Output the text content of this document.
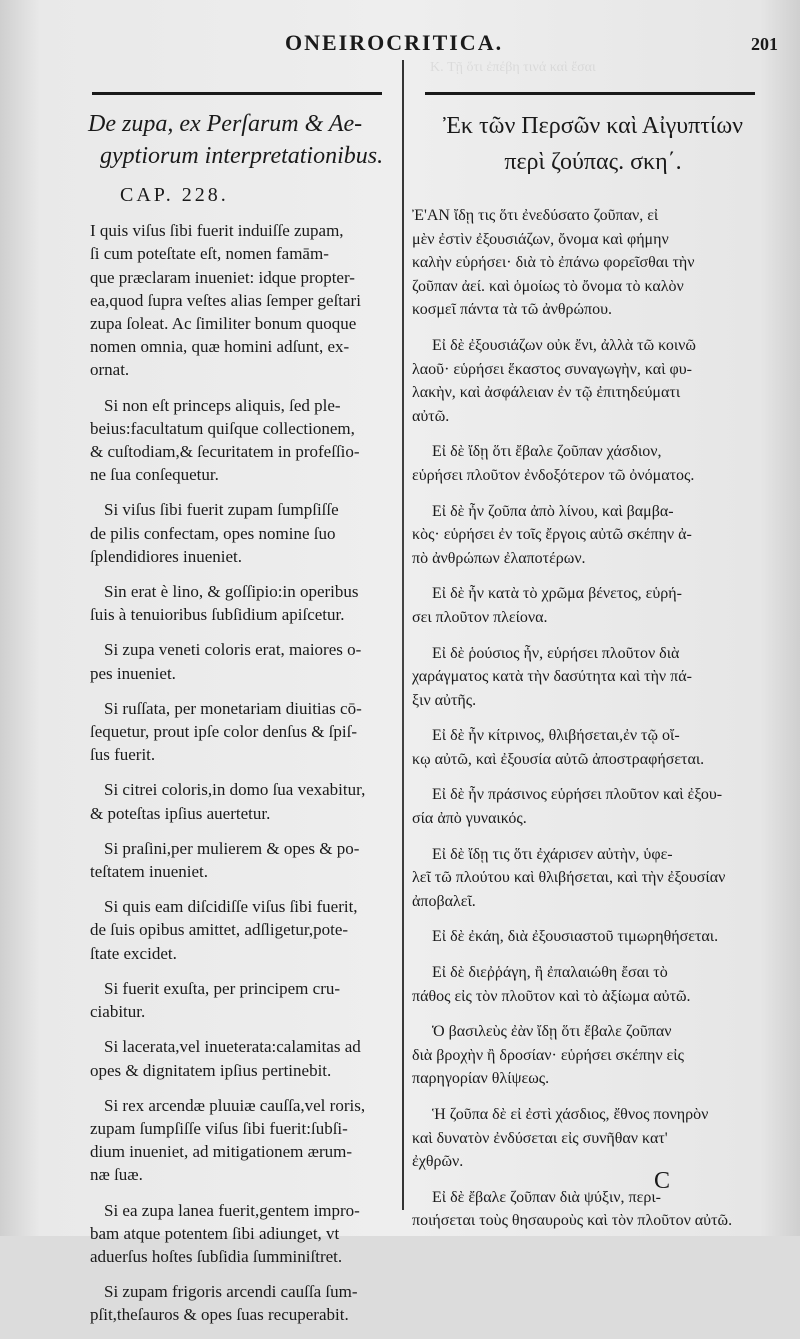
K. Τῇ ὅτι ἐπέβη τινά καὶ ἔσαι
ONEIROCRITICA.	201
De zupa, ex Perſarum & Ae-
gyptiorum interpretationibus.
CAP. 228.
I quis viſus ſibi fuerit induiſſe zupam,
ſi cum poteſtate eſt, nomen famām-
que præclaram inueniet: idque propter-
ea,quod ſupra veſtes alias ſemper geſtari
zupa ſoleat. Ac ſimiliter bonum quoque
nomen omnia, quæ homini adſunt, ex-
ornat.
Si non eſt princeps aliquis, ſed ple-
beius:facultatum quiſque collectionem,
& cuſtodiam,& ſecuritatem in profeſſio-
ne ſua conſequetur.
Si viſus ſibi fuerit zupam ſumpſiſſe
de pilis confectam, opes nomine ſuo
ſplendidiores inueniet.
Sin erat è lino, & goſſipio:in operibus
ſuis à tenuioribus ſubſidium apiſcetur.
Si zupa veneti coloris erat, maiores o-
pes inueniet.
Si ruſſata, per monetariam diuitias cō-
ſequetur, prout ipſe color denſus & ſpiſ-
ſus fuerit.
Si citrei coloris,in domo ſua vexabitur,
& poteſtas ipſius auertetur.
Si praſini,per mulierem & opes & po-
teſtatem inueniet.
Si quis eam diſcidiſſe viſus ſibi fuerit,
de ſuis opibus amittet, adſligetur,pote-
ſtate excidet.
Si fuerit exuſta, per principem cru-
ciabitur.
Si lacerata,vel inueterata:calamitas ad
opes & dignitatem ipſius pertinebit.
Si rex arcendæ pluuiæ cauſſa,vel roris,
zupam ſumpſiſſe viſus ſibi fuerit:ſubſi-
dium inueniet, ad mitigationem ærum-
næ ſuæ.
Si ea zupa lanea fuerit,gentem impro-
bam atque potentem ſibi adiunget, vt
aduerſus hoſtes ſubſidia ſumminiſtret.
Si zupam frigoris arcendi cauſſa ſum-
pſit,theſauros & opes ſuas recuperabit.
Ἐκ τῶν Περσῶν καὶ Αἰγυπτίων
περὶ ζούπας. σκη΄.
Ἐ'ΑΝ ἴδῃ τις ὅτι ἐνεδύσατο ζοῦπαν, εἰ
μὲν ἐστὶν ἐξουσιάζων, ὄνομα καὶ φήμην
καλὴν εὑρήσει· διὰ τὸ ἐπάνω φορεῖσθαι τὴν
ζοῦπαν ἀεί. καὶ ὁμοίως τὸ ὄνομα τὸ καλὸν
κοσμεῖ πάντα τὰ τῶ ἀνθρώπου.
Εἰ δὲ ἐξουσιάζων οὐκ ἔνι, ἀλλὰ τῶ κοινῶ
λαοῦ· εὑρήσει ἕκαστος συναγωγὴν, καὶ φυ-
λακὴν, καὶ ἀσφάλειαν ἐν τῷ ἐπιτηδεύματι
αὐτῶ.
Εἰ δὲ ἴδῃ ὅτι ἔβαλε ζοῦπαν χάσδιον,
εὑρήσει πλοῦτον ἐνδοξότερον τῶ ὀνόματος.
Εἰ δὲ ἦν ζοῦπα ἀπὸ λίνου, καὶ βαμβα-
κὸς· εὑρήσει ἐν τοῖς ἔργοις αὐτῶ σκέπην ἀ-
πὸ ἀνθρώπων ἐλαποτέρων.
Εἰ δὲ ἦν κατὰ τὸ χρῶμα βένετος, εὑρή-
σει πλοῦτον πλείονα.
Εἰ δὲ ῥούσιος ἦν, εὑρήσει πλοῦτον διὰ
χαράγματος κατὰ τὴν δασύτητα καὶ τὴν πά-
ξιν αὐτῆς.
Εἰ δὲ ἦν κίτρινος, θλιβήσεται,ἐν τῷ οἴ-
κῳ αὐτῶ, καὶ ἐξουσία αὐτῶ ἀποστραφήσεται.
Εἰ δὲ ἦν πράσινος εὑρήσει πλοῦτον καὶ ἐξου-
σία ἀπὸ γυναικός.
Εἰ δὲ ἴδῃ τις ὅτι ἐχάρισεν αὐτὴν, ὑφε-
λεῖ τῶ πλούτου καὶ θλιβήσεται, καὶ τὴν ἐξουσίαν
ἀποβαλεῖ.
Εἰ δὲ ἐκάη, διὰ ἐξουσιαστοῦ τιμωρηθήσεται.
Εἰ δὲ διεῤῥάγη, ἢ ἐπαλαιώθη ἔσαι τὸ
πάθος εἰς τὸν πλοῦτον καὶ τὸ ἀξίωμα αὐτῶ.
Ὁ βασιλεὺς ἐὰν ἴδῃ ὅτι ἔβαλε ζοῦπαν
διὰ βροχὴν ἢ δροσίαν· εὑρήσει σκέπην εἰς
παρηγορίαν θλίψεως.
Ἡ ζοῦπα δὲ εἰ ἐστὶ χάσδιος, ἔθνος πονηρὸν
καὶ δυνατὸν ἐνδύσεται εἰς συνῆθαν κατ'
ἐχθρῶν.
Εἰ δὲ ἔβαλε ζοῦπαν διὰ ψύξιν, περι-
ποιήσεται τοὺς θησαυροὺς καὶ τὸν πλοῦτον αὐτῶ.
C
